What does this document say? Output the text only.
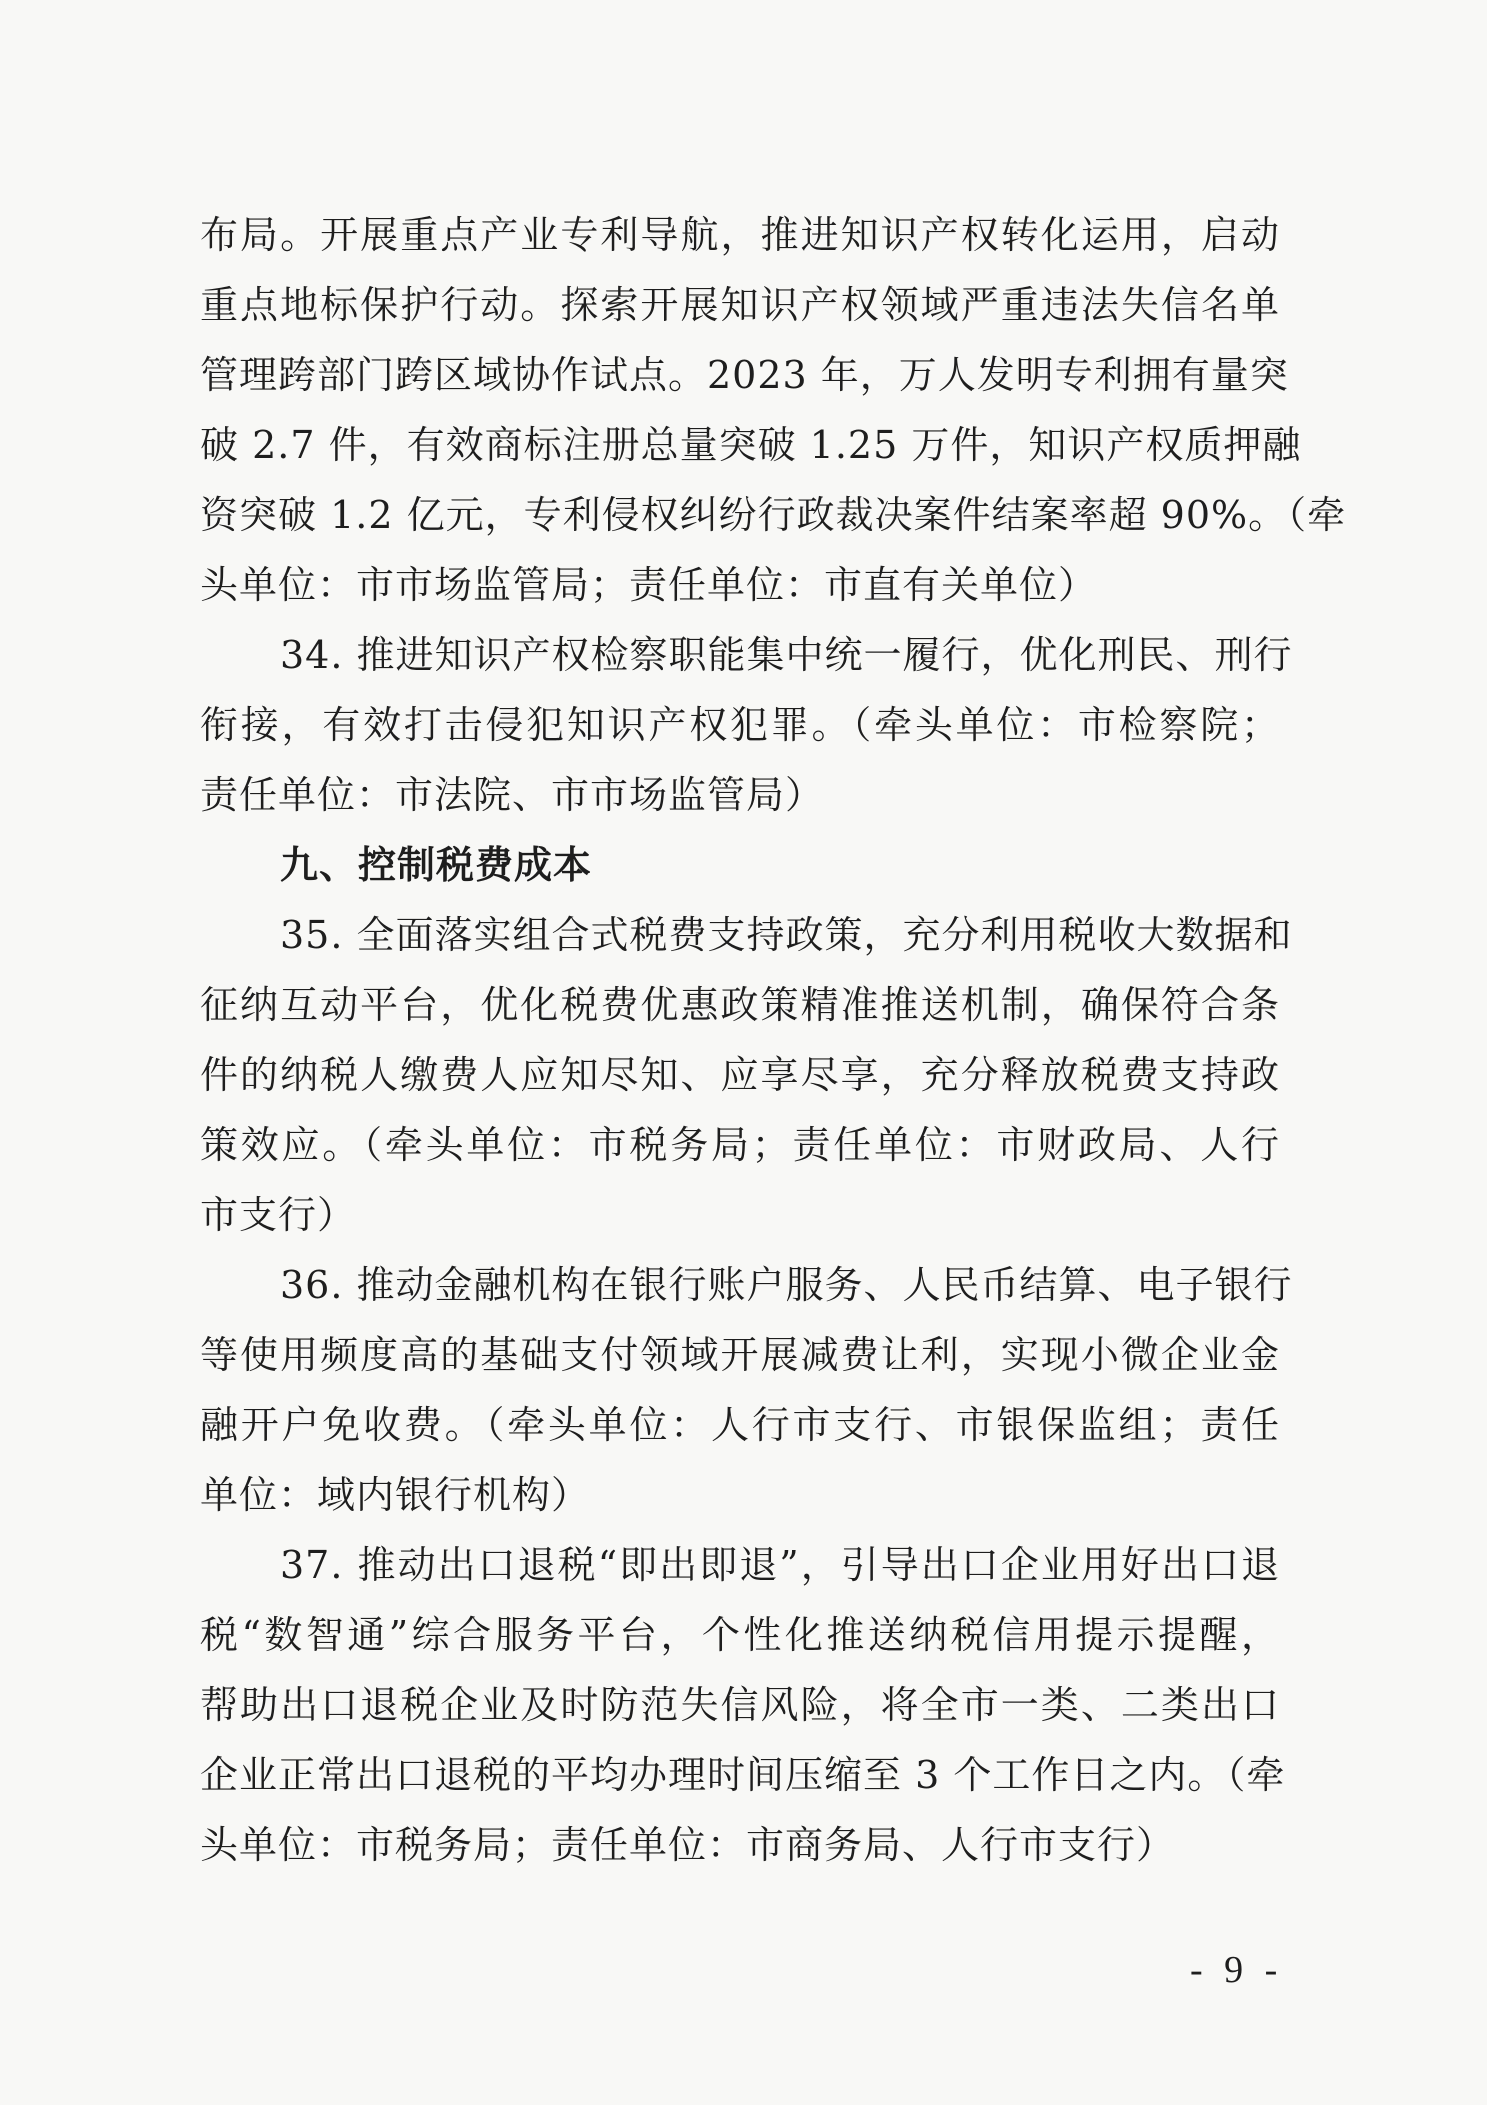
布局。开展重点产业专利导航，推进知识产权转化运用，启动
重点地标保护行动。探索开展知识产权领域严重违法失信名单
管理跨部门跨区域协作试点。2023 年，万人发明专利拥有量突
破 2.7 件，有效商标注册总量突破 1.25 万件，知识产权质押融
资突破 1.2 亿元，专利侵权纠纷行政裁决案件结案率超 90%。（牵
头单位：市市场监管局；责任单位：市直有关单位）
34. 推进知识产权检察职能集中统一履行，优化刑民、刑行
衔接，有效打击侵犯知识产权犯罪。（牵头单位：市检察院；
责任单位：市法院、市市场监管局）
九、控制税费成本
35. 全面落实组合式税费支持政策，充分利用税收大数据和
征纳互动平台，优化税费优惠政策精准推送机制，确保符合条
件的纳税人缴费人应知尽知、应享尽享，充分释放税费支持政
策效应。（牵头单位：市税务局；责任单位：市财政局、人行
市支行）
36. 推动金融机构在银行账户服务、人民币结算、电子银行
等使用频度高的基础支付领域开展减费让利，实现小微企业金
融开户免收费。（牵头单位：人行市支行、市银保监组；责任
单位：域内银行机构）
37. 推动出口退税“即出即退”，引导出口企业用好出口退
税“数智通”综合服务平台，个性化推送纳税信用提示提醒，
帮助出口退税企业及时防范失信风险，将全市一类、二类出口
企业正常出口退税的平均办理时间压缩至 3 个工作日之内。（牵
头单位：市税务局；责任单位：市商务局、人行市支行）
- 9 -
